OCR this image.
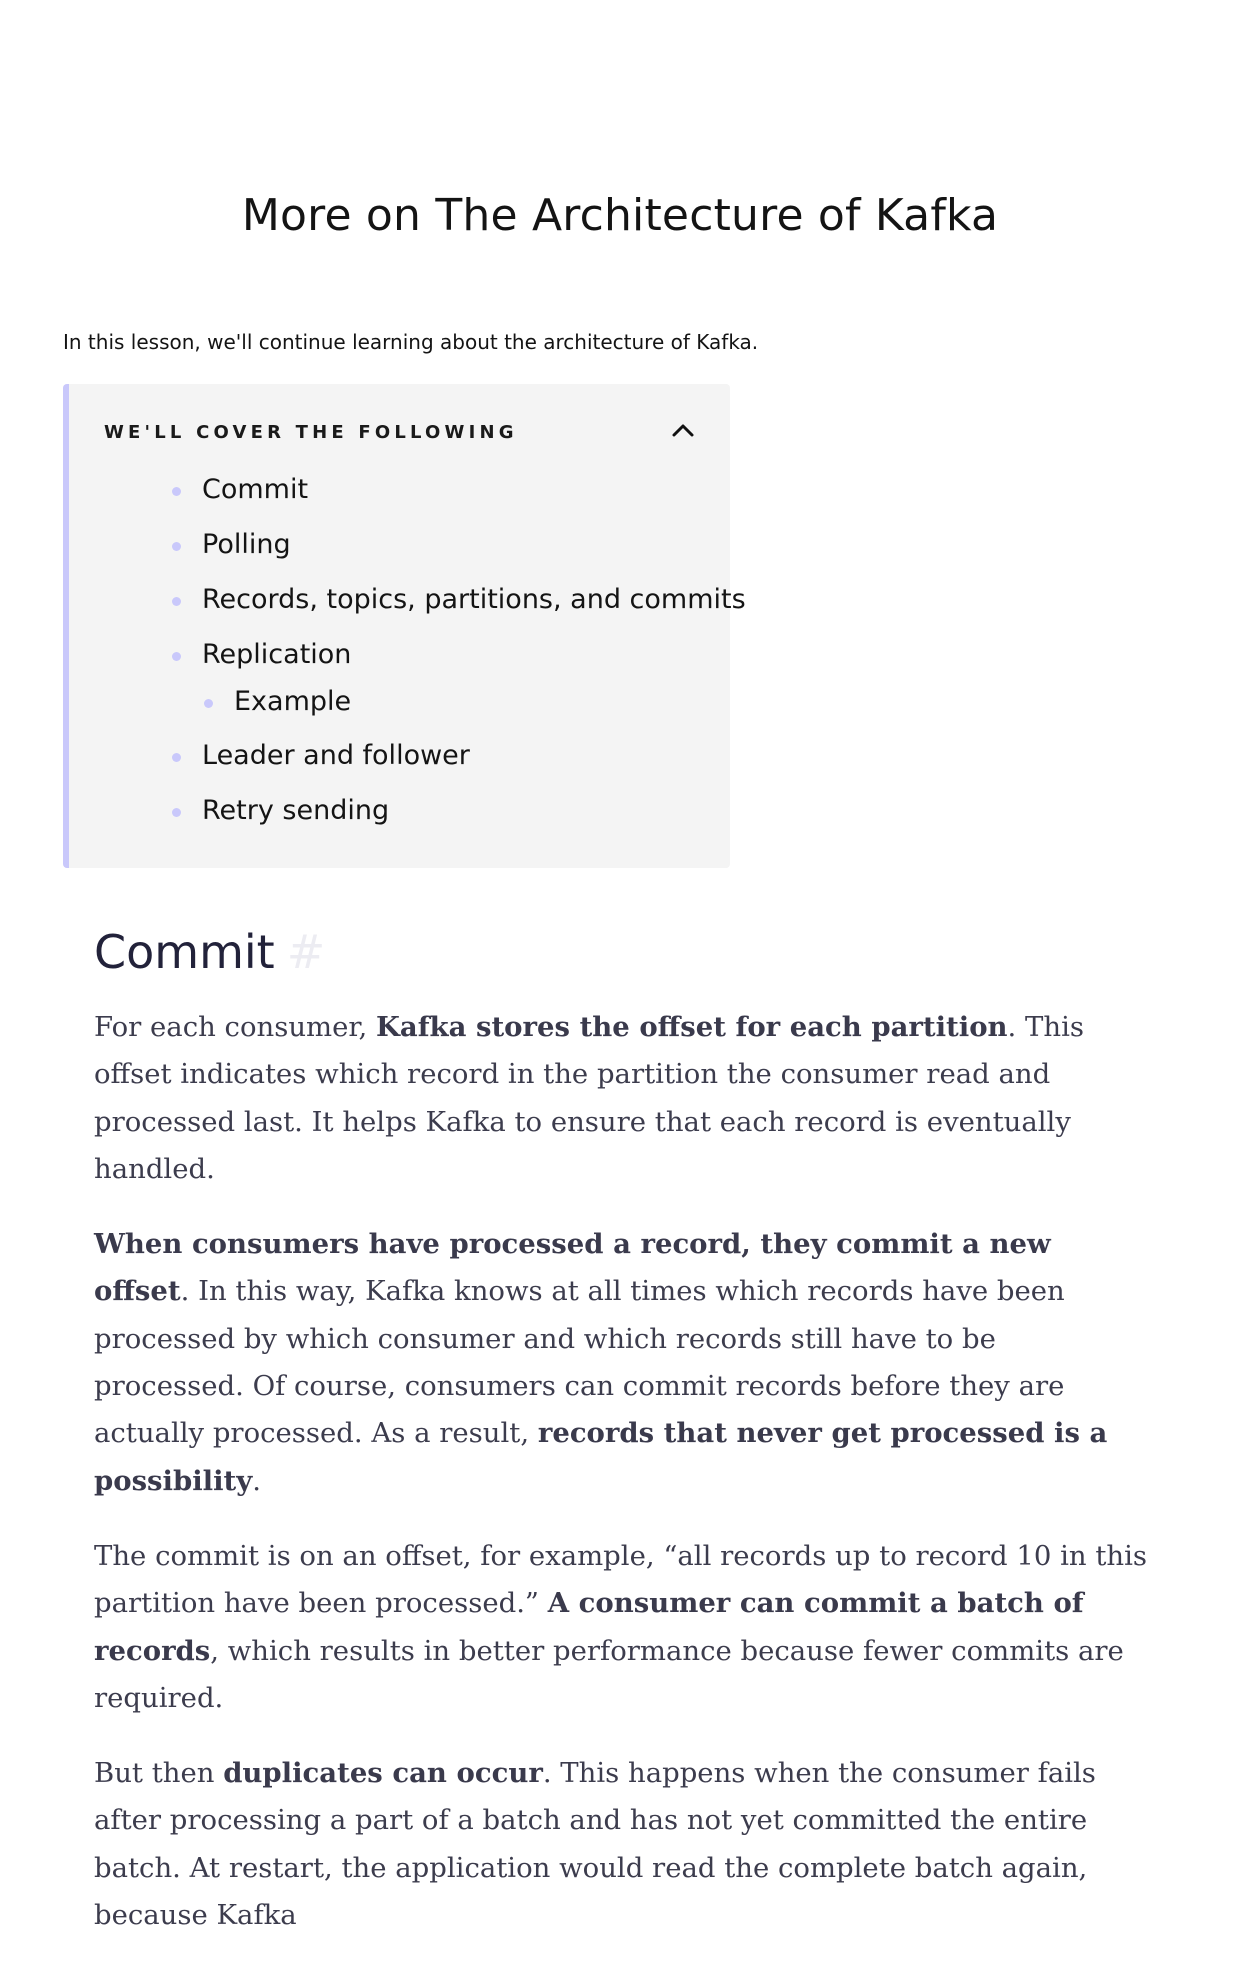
More on The Architecture of Kafka

In this lesson, we'll continue learning about the architecture of Kafka.

WE'LL COVER THE FOLLOWING
Commit
Polling
Records, topics, partitions, and commits
Replication
Example
Leader and follower
Retry sending
Commit #

For each consumer, Kafka stores the offset for each partition. This offset indicates which record in the partition the consumer read and processed last. It helps Kafka to ensure that each record is eventually handled.

When consumers have processed a record, they commit a new offset. In this way, Kafka knows at all times which records have been processed by which consumer and which records still have to be processed. Of course, consumers can commit records before they are actually processed. As a result, records that never get processed is a possibility.

The commit is on an offset, for example, “all records up to record 10 in this partition have been processed.” A consumer can commit a batch of records, which results in better performance because fewer commits are required.

But then duplicates can occur. This happens when the consumer fails after processing a part of a batch and has not yet committed the entire batch. At restart, the application would read the complete batch again, because Kafka
